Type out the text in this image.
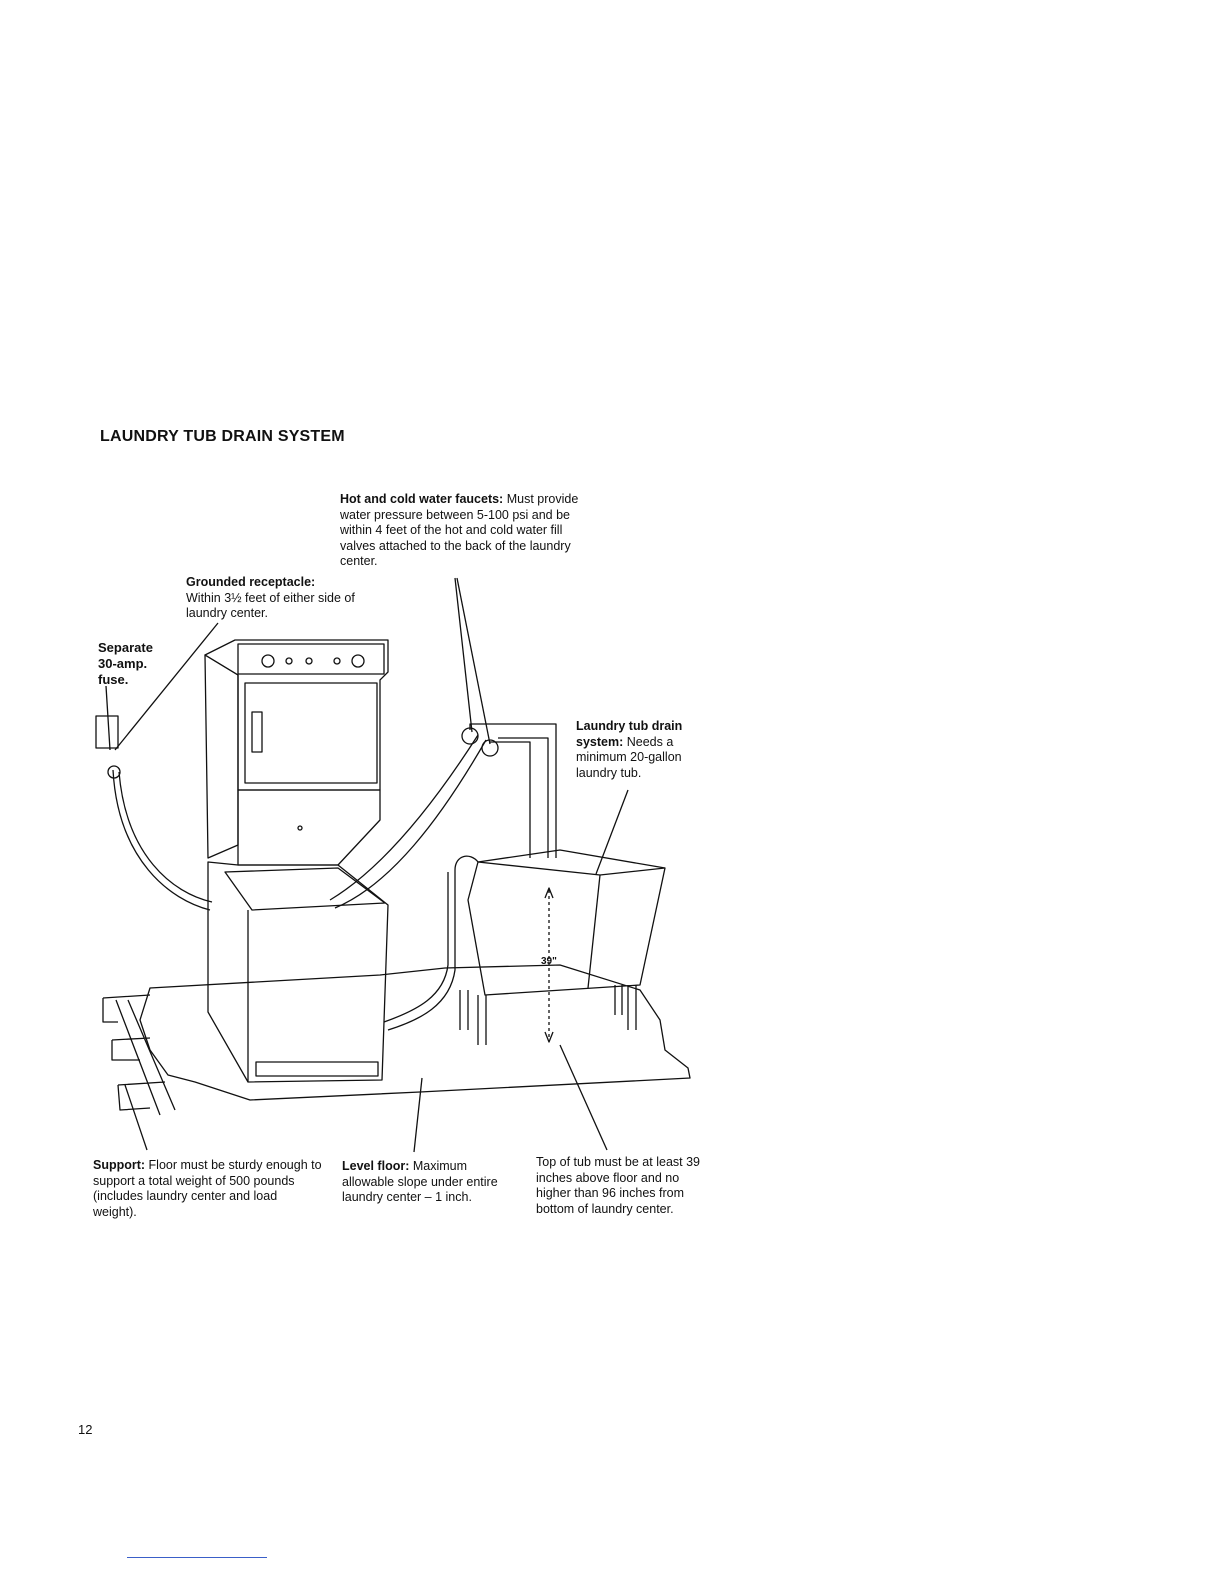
LAUNDRY TUB DRAIN SYSTEM
Hot and cold water faucets: Must provide water pressure between 5-100 psi and be within 4 feet of the hot and cold water fill valves attached to the back of the laundry center.
Grounded receptacle:
Within 3½ feet of either side of laundry center.
Separate 30-amp. fuse.
Laundry tub drain system: Needs a minimum 20-gallon laundry tub.
39"
Support: Floor must be sturdy enough to support a total weight of 500 pounds (includes laundry center and load weight).
Level floor: Maximum allowable slope under entire laundry center – 1 inch.
Top of tub must be at least 39 inches above floor and no higher than 96 inches from bottom of laundry center.
12
